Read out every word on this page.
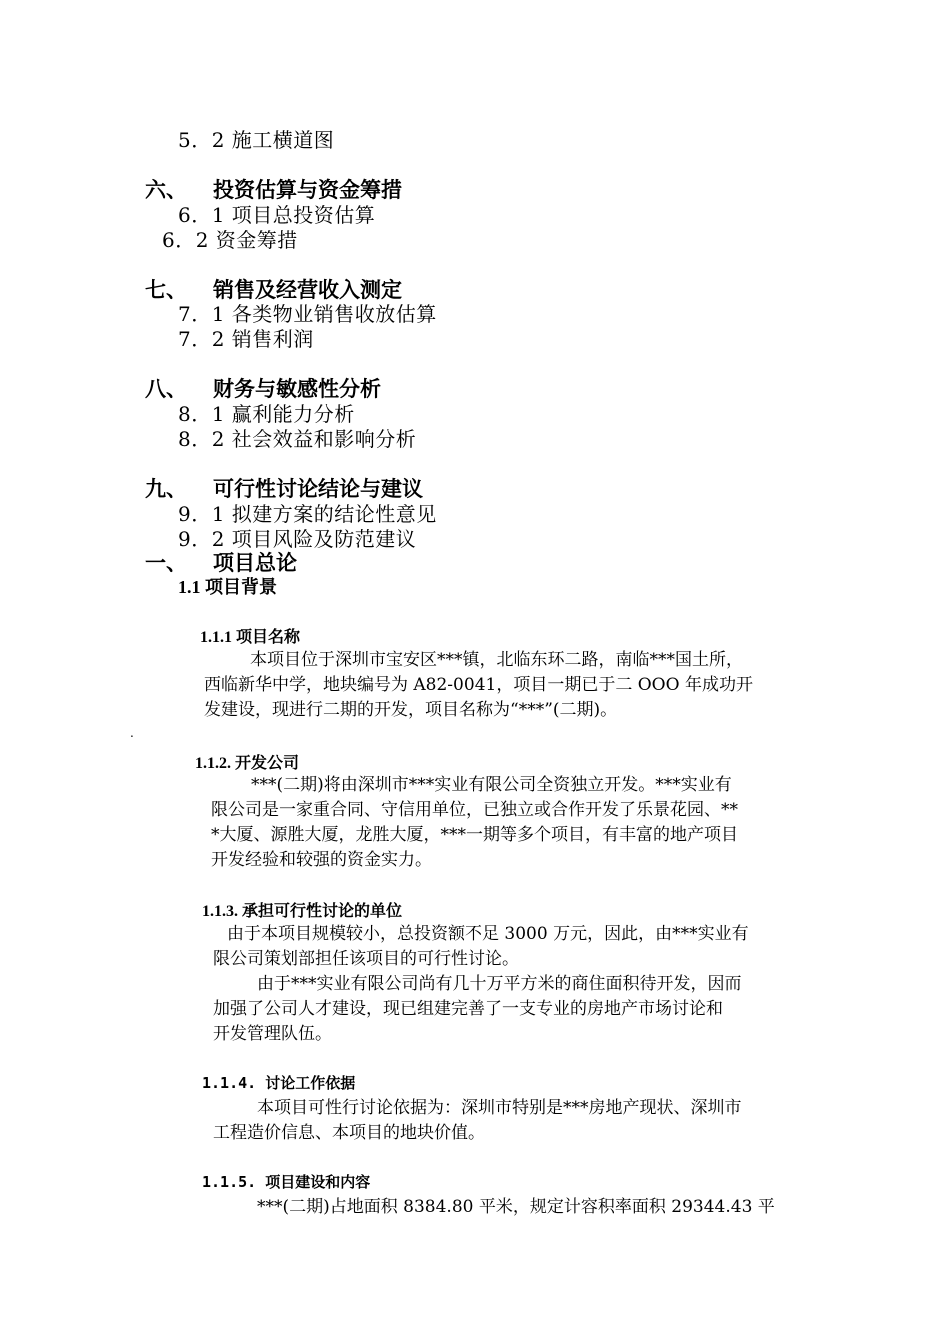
5．2 施工横道图
六、 投资估算与资金筹措
6．1 项目总投资估算
6．2 资金筹措
七、 销售及经营收入测定
7．1 各类物业销售收放估算
7．2 销售利润
八、 财务与敏感性分析
8．1 赢利能力分析
8．2 社会效益和影响分析
九、 可行性讨论结论与建议
9．1 拟建方案的结论性意见
9．2 项目风险及防范建议
一、 项目总论
1.1 项目背景
1.1.1 项目名称
本项目位于深圳市宝安区***镇，北临东环二路，南临***国土所，
西临新华中学，地块编号为 A82-0041，项目一期已于二 OOO 年成功开
发建设，现进行二期的开发，项目名称为“***”(二期)。
.
1.1.2. 开发公司
***(二期)将由深圳市***实业有限公司全资独立开发。***实业有
限公司是一家重合同、守信用单位，已独立或合作开发了乐景花园、**
*大厦、源胜大厦，龙胜大厦，***一期等多个项目，有丰富的地产项目
开发经验和较强的资金实力。
1.1.3. 承担可行性讨论的单位
由于本项目规模较小，总投资额不足 3000 万元，因此，由***实业有
限公司策划部担任该项目的可行性讨论。
由于***实业有限公司尚有几十万平方米的商住面积待开发，因而
加强了公司人才建设，现已组建完善了一支专业的房地产市场讨论和
开发管理队伍。
1.1.4. 讨论工作依据
本项目可性行讨论依据为：深圳市特别是***房地产现状、深圳市
工程造价信息、本项目的地块价值。
1.1.5. 项目建设和内容
***(二期)占地面积 8384.80 平米，规定计容积率面积 29344.43 平
